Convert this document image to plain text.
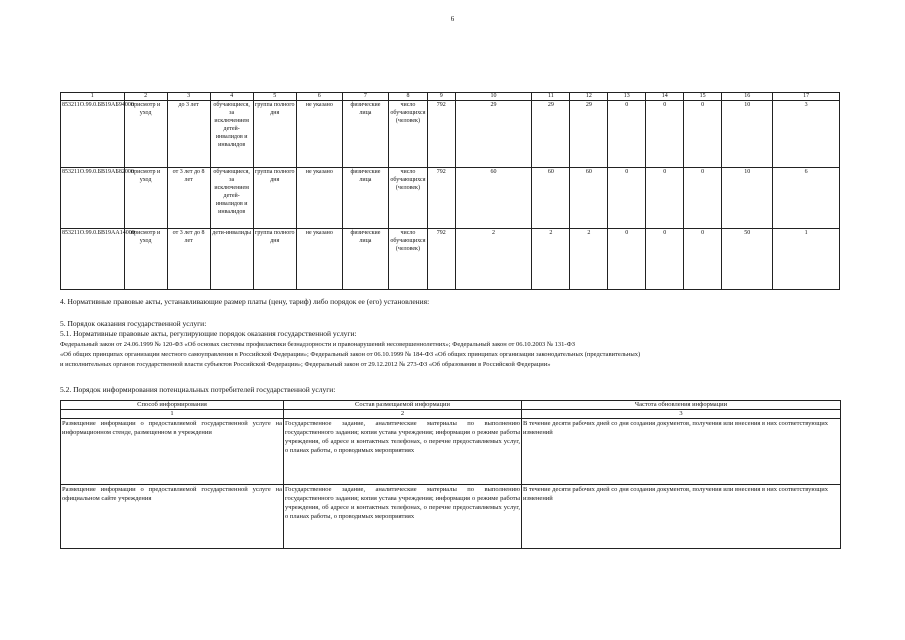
6
1	2	3	4	5	6	7	8	9	10	11	12	13	14	15	16	17
853211О.99.0.БВ19АБ94000	присмотр и уход	до 3 лет	обучающиеся, за исключением детей-инвалидов и инвалидов	группа полного дня	не указано	физические лица	число обучающихся (человек)	792	29	29	29	0	0	0	10	3
853211О.99.0.БВ19АБ82000	присмотр и уход	от 3 лет до 8 лет	обучающиеся, за исключением детей-инвалидов и инвалидов	группа полного дня	не указано	физические лица	число обучающихся (человек)	792	60	60	60	0	0	0	10	6
853211О.99.0.БВ19АА14000	присмотр и уход	от 3 лет до 8 лет	дети-инвалиды	группа полного дня	не указано	физические лица	число обучающихся (человек)	792	2	2	2	0	0	0	50	1
4. Нормативные правовые акты, устанавливающие размер платы (цену, тариф) либо порядок ее (его) установления:
5. Порядок оказания государственной услуги:
5.1. Нормативные правовые акты, регулирующие порядок оказания государственной услуги:
Федеральный закон от 24.06.1999 № 120-ФЗ «Об основах системы профилактики безнадзорности и правонарушений несовершеннолетних»; Федеральный закон от 06.10.2003 № 131-ФЗ
«Об общих принципах организации местного самоуправления в Российской Федерации»; Федеральный закон от 06.10.1999 № 184-ФЗ «Об общих принципах организации законодательных (представительных)
и исполнительных органов государственной власти субъектов Российской Федерации»; Федеральный закон от 29.12.2012 № 273-ФЗ «Об образовании в Российской Федерации»
5.2. Порядок информирования потенциальных потребителей государственной услуги:
Способ информирования	Состав размещаемой информации	Частота обновления информации
1	2	3
Размещение информации о предоставляемой государственной услуге на информационном стенде, размещенном в учреждении	Государственное задание, аналитические материалы по выполнению государственного задания; копия устава учреждения; информация о режиме работы учреждения, об адресе и контактных телефонах, о перечне предоставляемых услуг, о планах работы, о проводимых мероприятиях	В течение десяти рабочих дней со дня создания документов, получения или внесения в них соответствующих изменений
Размещение информации о предоставляемой государственной услуге на официальном сайте учреждения	Государственное задание, аналитические материалы по выполнению государственного задания; копия устава учреждения; информация о режиме работы учреждения, об адресе и контактных телефонах, о перечне предоставляемых услуг, о планах работы, о проводимых мероприятиях	В течение десяти рабочих дней со дня создания документов, получения или внесения в них соответствующих изменений
